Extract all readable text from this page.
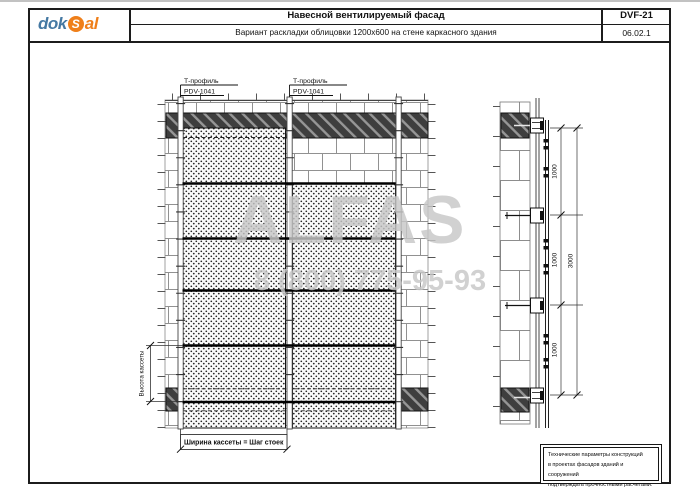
Т-профиль
PDV-1041
Т-профиль
PDV-1041
Высота кассеты
Ширина кассеты = Шаг стоек
1000
1000
1000
3000
ALFAS
8 (800) 775-95-93
dok S al	Навесной вентилируемый фасад
Вариант раскладки облицовки 1200x600 на стене каркасного здания
DVF-21
06.02.1
Технические параметры конструкций
в проектах фасадов зданий и сооружений
подтверждать прочностными расчетами.
